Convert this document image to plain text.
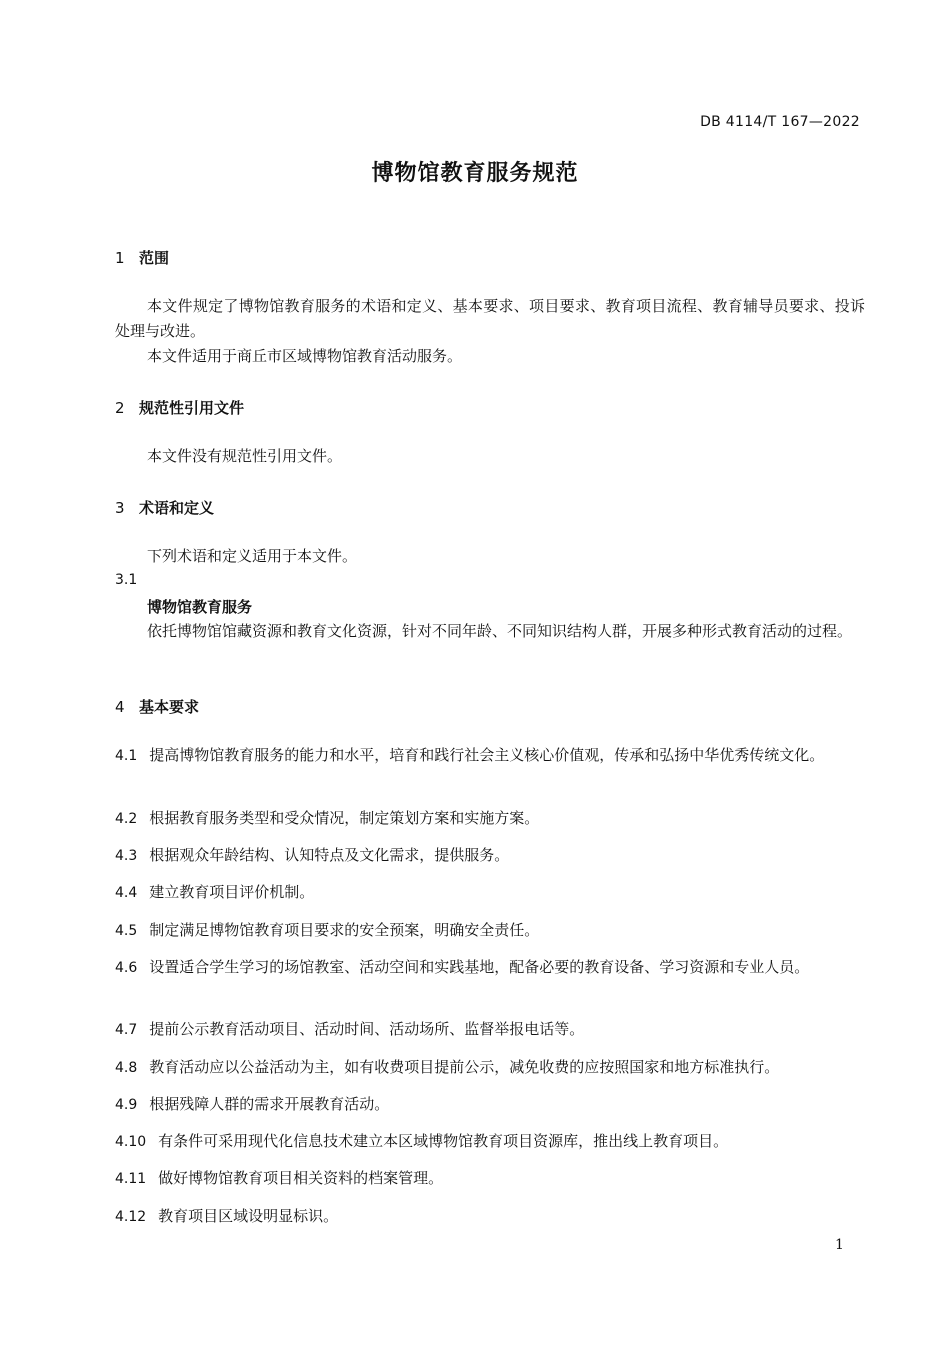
DB 4114/T 167—2022
博物馆教育服务规范
1 范围
本文件规定了博物馆教育服务的术语和定义、基本要求、项目要求、教育项目流程、教育辅导员要求、投诉处理与改进。
本文件适用于商丘市区域博物馆教育活动服务。
2 规范性引用文件
本文件没有规范性引用文件。
3 术语和定义
下列术语和定义适用于本文件。
3.1
博物馆教育服务
依托博物馆馆藏资源和教育文化资源，针对不同年龄、不同知识结构人群，开展多种形式教育活动的过程。
4 基本要求
4.1 提高博物馆教育服务的能力和水平，培育和践行社会主义核心价值观，传承和弘扬中华优秀传统文化。
4.2 根据教育服务类型和受众情况，制定策划方案和实施方案。
4.3 根据观众年龄结构、认知特点及文化需求，提供服务。
4.4 建立教育项目评价机制。
4.5 制定满足博物馆教育项目要求的安全预案，明确安全责任。
4.6 设置适合学生学习的场馆教室、活动空间和实践基地，配备必要的教育设备、学习资源和专业人员。
4.7 提前公示教育活动项目、活动时间、活动场所、监督举报电话等。
4.8 教育活动应以公益活动为主，如有收费项目提前公示，减免收费的应按照国家和地方标准执行。
4.9 根据残障人群的需求开展教育活动。
4.10 有条件可采用现代化信息技术建立本区域博物馆教育项目资源库，推出线上教育项目。
4.11 做好博物馆教育项目相关资料的档案管理。
4.12 教育项目区域设明显标识。
1
